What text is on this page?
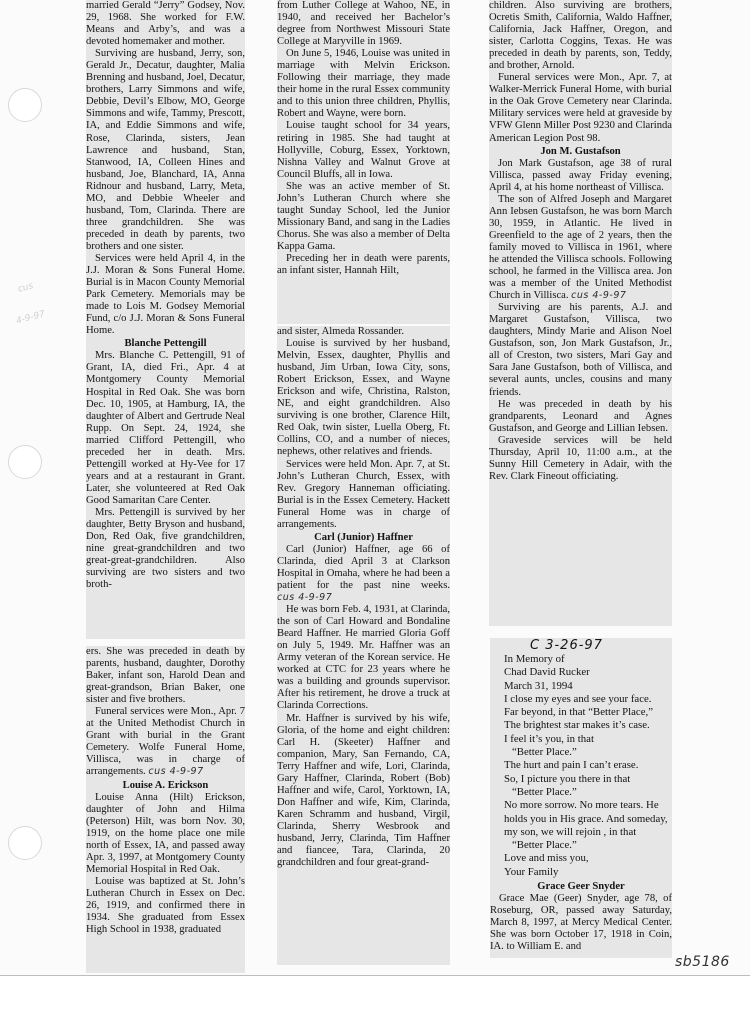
cus
4-9-97

married Gerald “Jerry” Godsey, Nov. 29, 1968. She worked for F.W. Means and Arby’s, and was a devoted homemaker and mother.

Surviving are husband, Jerry, son, Gerald Jr., Decatur, daughter, Malia Brenning and husband, Joel, Decatur, brothers, Larry Simmons and wife, Debbie, Devil’s Elbow, MO, George Simmons and wife, Tammy, Prescott, IA, and Eddie Simmons and wife, Rose, Clarinda, sisters, Jean Lawrence and husband, Stan, Stanwood, IA, Colleen Hines and husband, Joe, Blanchard, IA, Anna Ridnour and husband, Larry, Meta, MO, and Debbie Wheeler and husband, Tom, Clarinda. There are three grandchildren. She was preceded in death by parents, two brothers and one sister.

Services were held April 4, in the J.J. Moran & Sons Funeral Home. Burial is in Macon County Memorial Park Cemetery. Memorials may be made to Lois M. Godsey Memorial Fund, c/o J.J. Moran & Sons Funeral Home.

Blanche Pettengill

Mrs. Blanche C. Pettengill, 91 of Grant, IA, died Fri., Apr. 4 at Montgomery County Memorial Hospital in Red Oak. She was born Dec. 10, 1905, at Hamburg, IA, the daughter of Albert and Gertrude Neal Rupp. On Sept. 24, 1924, she married Clifford Pettengill, who preceded her in death. Mrs. Pettengill worked at Hy-Vee for 17 years and at a restaurant in Grant. Later, she volunteered at Red Oak Good Samaritan Care Center.

Mrs. Pettengill is survived by her daughter, Betty Bryson and husband, Don, Red Oak, five grandchildren, nine great-grandchildren and two great-great-grandchildren. Also surviving are two sisters and two broth-

ers. She was preceded in death by parents, husband, daughter, Dorothy Baker, infant son, Harold Dean and great-grandson, Brian Baker, one sister and five brothers.

Funeral services were Mon., Apr. 7 at the United Methodist Church in Grant with burial in the Grant Cemetery. Wolfe Funeral Home, Villisca, was in charge of arrangements. cus 4-9-97

Louise A. Erickson

Louise Anna (Hilt) Erickson, daughter of John and Hilma (Peterson) Hilt, was born Nov. 30, 1919, on the home place one mile north of Essex, IA, and passed away Apr. 3, 1997, at Montgomery County Memorial Hospital in Red Oak.

Louise was baptized at St. John’s Lutheran Church in Essex on Dec. 26, 1919, and confirmed there in 1934. She graduated from Essex High School in 1938, graduated

from Luther College at Wahoo, NE, in 1940, and received her Bachelor’s degree from Northwest Missouri State College at Maryville in 1969.

On June 5, 1946, Louise was united in marriage with Melvin Erickson. Following their marriage, they made their home in the rural Essex community and to this union three children, Phyllis, Robert and Wayne, were born.

Louise taught school for 34 years, retiring in 1985. She had taught at Hollyville, Coburg, Essex, Yorktown, Nishna Valley and Walnut Grove at Council Bluffs, all in Iowa.

She was an active member of St. John’s Lutheran Church where she taught Sunday School, led the Junior Missionary Band, and sang in the Ladies Chorus. She was also a member of Delta Kappa Gama.

Preceding her in death were parents, an infant sister, Hannah Hilt,

and sister, Almeda Rossander.

Louise is survived by her husband, Melvin, Essex, daughter, Phyllis and husband, Jim Urban, Iowa City, sons, Robert Erickson, Essex, and Wayne Erickson and wife, Christina, Ralston, NE, and eight grandchildren. Also surviving is one brother, Clarence Hilt, Red Oak, twin sister, Luella Oberg, Ft. Collins, CO, and a number of nieces, nephews, other relatives and friends.

Services were held Mon. Apr. 7, at St. John’s Lutheran Church, Essex, with Rev. Gregory Hanneman officiating. Burial is in the Essex Cemetery. Hackett Funeral Home was in charge of arrangements.

Carl (Junior) Haffner

Carl (Junior) Haffner, age 66 of Clarinda, died April 3 at Clarkson Hospital in Omaha, where he had been a patient for the past nine weeks. cus 4-9-97

He was born Feb. 4, 1931, at Clarinda, the son of Carl Howard and Bondaline Beard Haffner. He married Gloria Goff on July 5, 1949. Mr. Haffner was an Army veteran of the Korean service. He worked at CTC for 23 years where he was a building and grounds supervisor. After his retirement, he drove a truck at Clarinda Corrections.

Mr. Haffner is survived by his wife, Gloria, of the home and eight children: Carl H. (Skeeter) Haffner and companion, Mary, San Fernando, CA, Terry Haffner and wife, Lori, Clarinda, Gary Haffner, Clarinda, Robert (Bob) Haffner and wife, Carol, Yorktown, IA, Don Haffner and wife, Kim, Clarinda, Karen Schramm and husband, Virgil, Clarinda, Sherry Wesbrook and husband, Jerry, Clarinda, Tim Haffner and fiancee, Tara, Clarinda, 20 grandchildren and four great-grand-

children. Also surviving are brothers, Ocretis Smith, California, Waldo Haffner, California, Jack Haffner, Oregon, and sister, Carlotta Coggins, Texas. He was preceded in death by parents, son, Teddy, and brother, Arnold.

Funeral services were Mon., Apr. 7, at Walker-Merrick Funeral Home, with burial in the Oak Grove Cemetery near Clarinda. Military services were held at graveside by VFW Glenn Miller Post 9230 and Clarinda American Legion Post 98.

Jon M. Gustafson

Jon Mark Gustafson, age 38 of rural Villisca, passed away Friday evening, April 4, at his home northeast of Villisca.

The son of Alfred Joseph and Margaret Ann Iebsen Gustafson, he was born March 30, 1959, in Atlantic. He lived in Greenfield to the age of 2 years, then the family moved to Villisca in 1961, where he attended the Villisca schools. Following school, he farmed in the Villisca area. Jon was a member of the United Methodist Church in Villisca. cus 4-9-97

Surviving are his parents, A.J. and Margaret Gustafson, Villisca, two daughters, Mindy Marie and Alison Noel Gustafson, son, Jon Mark Gustafson, Jr., all of Creston, two sisters, Mari Gay and Sara Jane Gustafson, both of Villisca, and several aunts, uncles, cousins and many friends.

He was preceded in death by his grandparents, Leonard and Agnes Gustafson, and George and Lillian Iebsen.

Graveside services will be held Thursday, April 10, 11:00 a.m., at the Sunny Hill Cemetery in Adair, with the Rev. Clark Fineout officiating.

C 3-26-97
In Memory of
Chad David Rucker
March 31, 1994
I close my eyes and see your face.
Far beyond, in that “Better Place,”
The brightest star makes it’s case.
I feel it’s you, in that
“Better Place.”
The hurt and pain I can’t erase.
So, I picture you there in that
“Better Place.”
No more sorrow. No more tears. He
holds you in His grace. And someday,
my son, we will rejoin , in that
“Better Place.”
Love and miss you,
Your Family
Grace Geer Snyder

Grace Mae (Geer) Snyder, age 78, of Roseburg, OR, passed away Saturday, March 8, 1997, at Mercy Medical Center. She was born October 17, 1918 in Coin, IA. to William E. and

sb5186
